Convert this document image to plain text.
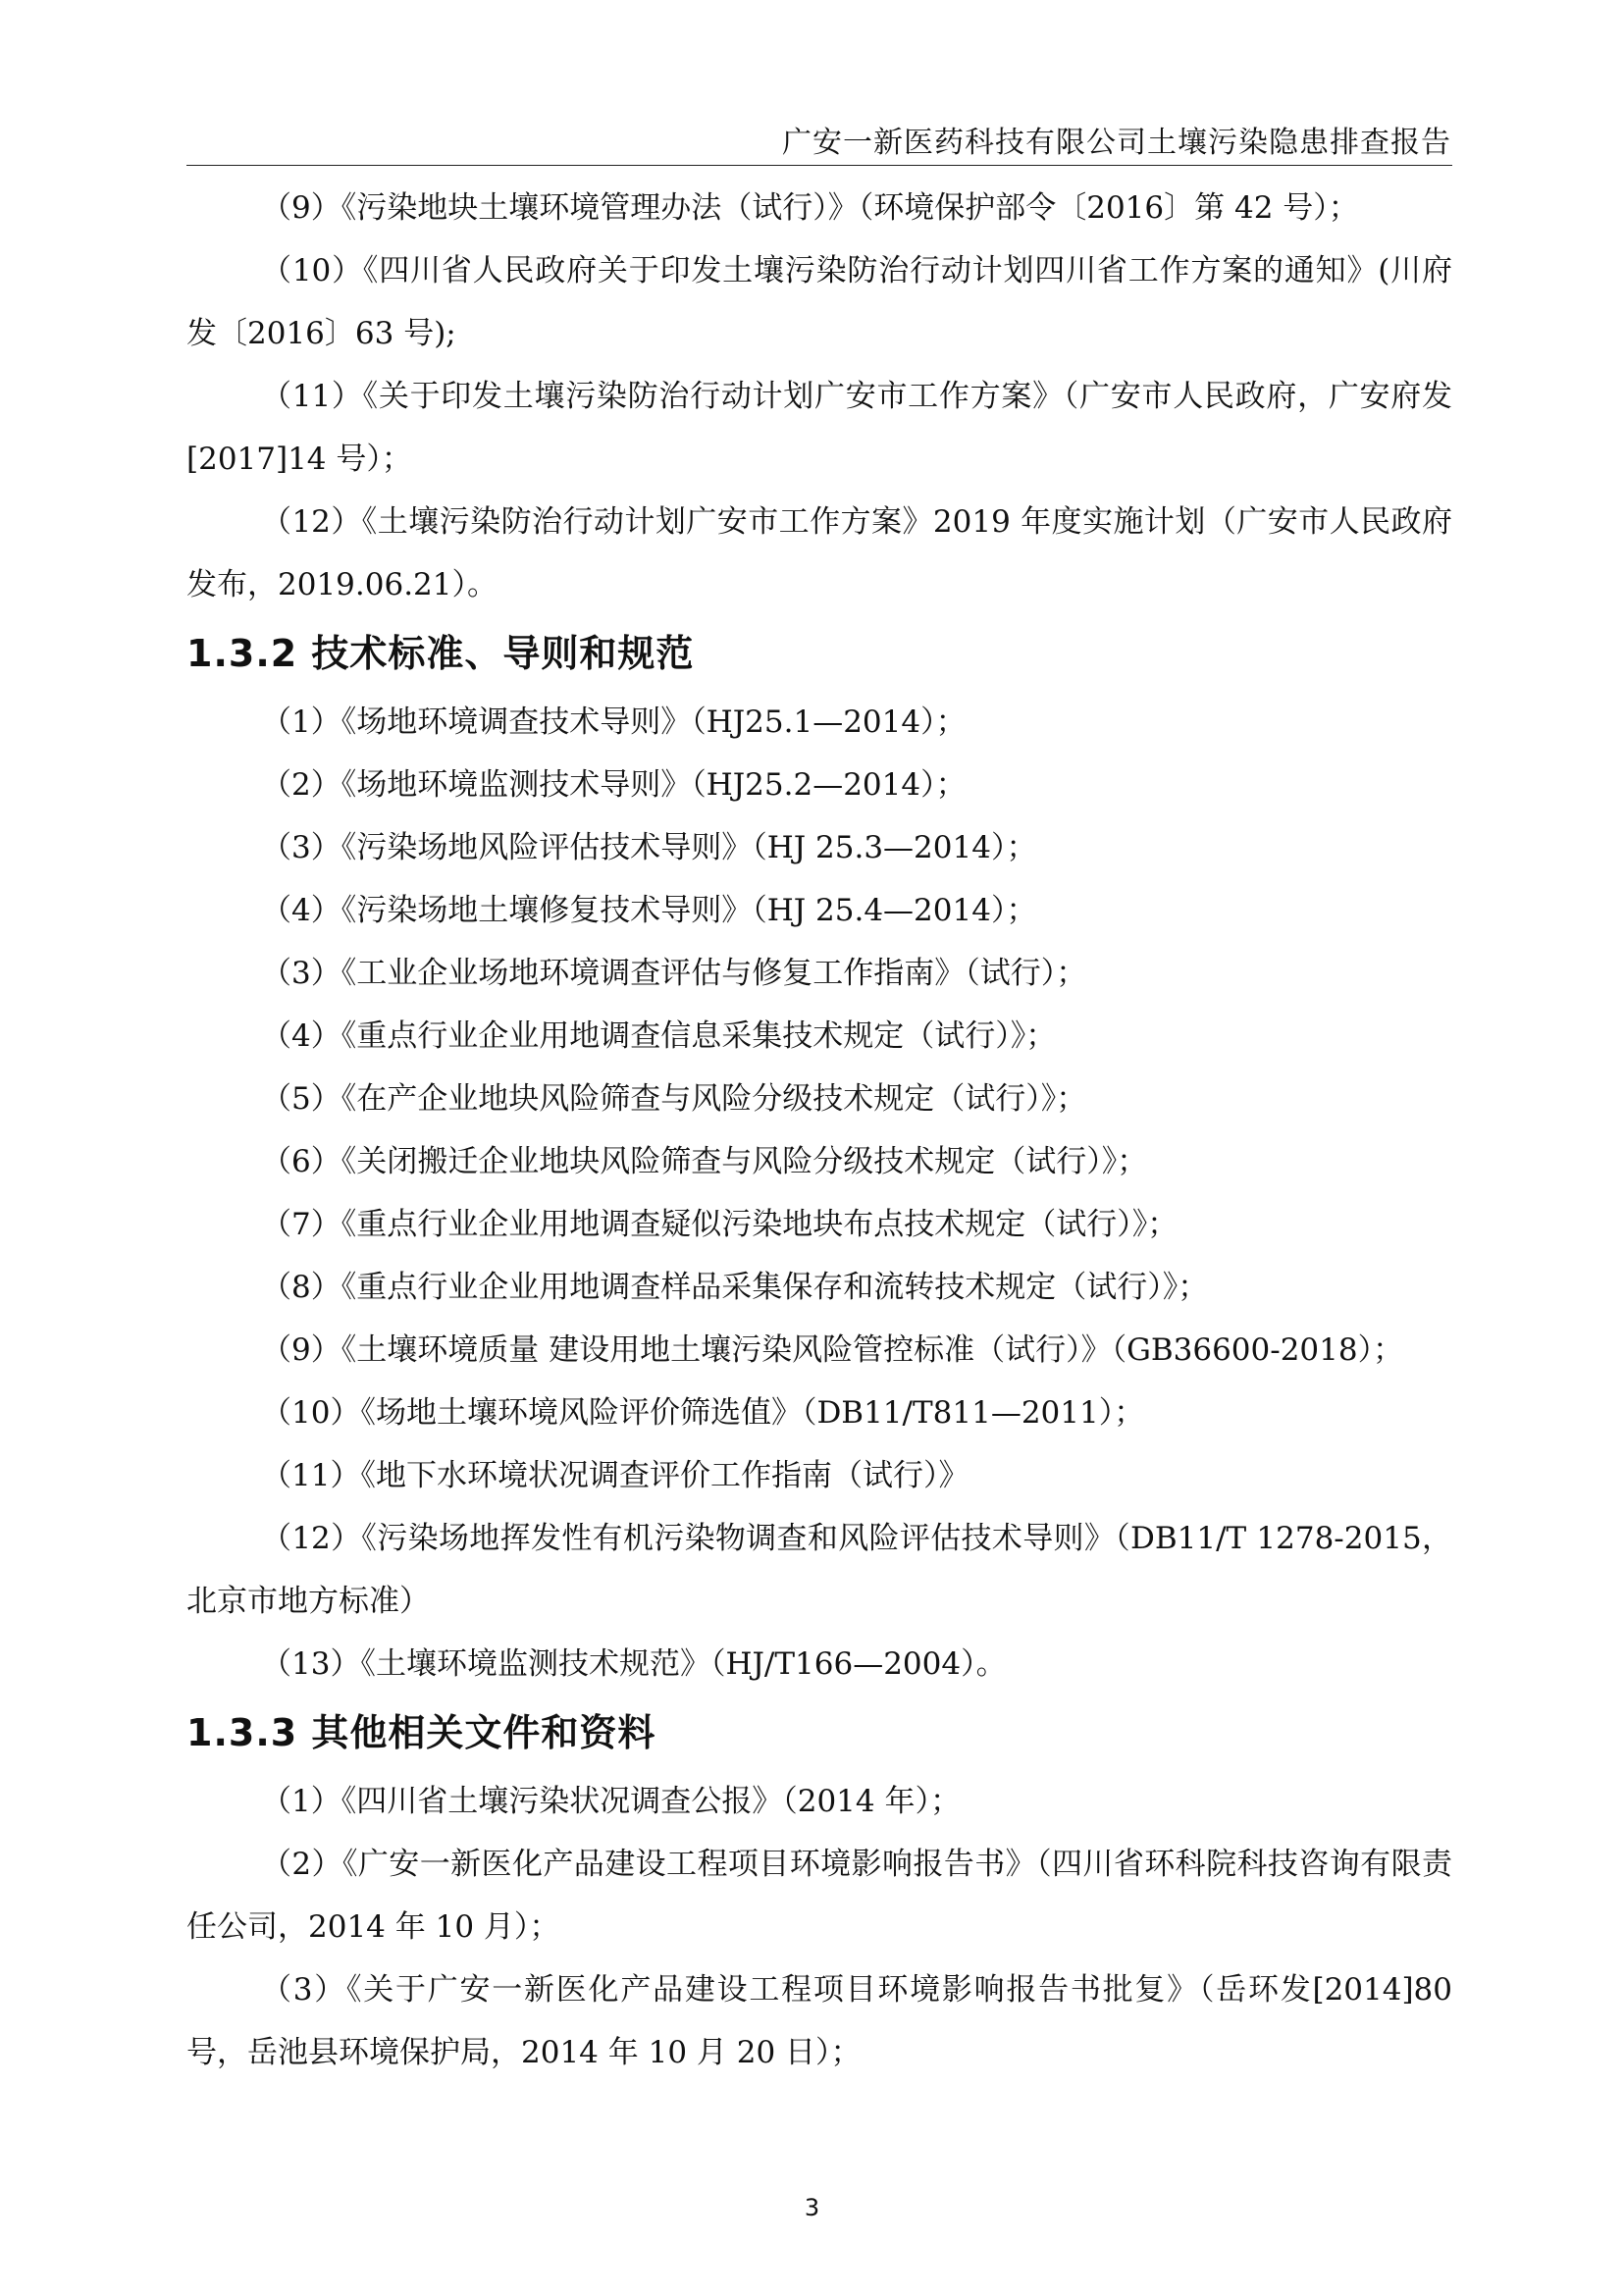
广安一新医药科技有限公司土壤污染隐患排查报告

（9）《污染地块土壤环境管理办法（试行）》（环境保护部令〔2016〕第 42 号）；

（10）《四川省人民政府关于印发土壤污染防治行动计划四川省工作方案的通知》(川府发〔2016〕63 号);

（11）《关于印发土壤污染防治行动计划广安市工作方案》（广安市人民政府，广安府发[2017]14 号）；

（12）《土壤污染防治行动计划广安市工作方案》2019 年度实施计划（广安市人民政府发布，2019.06.21）。

1.3.2 技术标准、导则和规范

（1）《场地环境调查技术导则》（HJ25.1—2014）；

（2）《场地环境监测技术导则》（HJ25.2—2014）；

（3）《污染场地风险评估技术导则》（HJ 25.3—2014）；

（4）《污染场地土壤修复技术导则》（HJ 25.4—2014）；

（3）《工业企业场地环境调查评估与修复工作指南》（试行）；

（4）《重点行业企业用地调查信息采集技术规定（试行）》；

（5）《在产企业地块风险筛查与风险分级技术规定（试行）》；

（6）《关闭搬迁企业地块风险筛查与风险分级技术规定（试行）》；

（7）《重点行业企业用地调查疑似污染地块布点技术规定（试行）》；

（8）《重点行业企业用地调查样品采集保存和流转技术规定（试行）》；

（9）《土壤环境质量 建设用地土壤污染风险管控标准（试行）》（GB36600-2018）；

（10）《场地土壤环境风险评价筛选值》（DB11/T811—2011）；

（11）《地下水环境状况调查评价工作指南（试行）》

（12）《污染场地挥发性有机污染物调查和风险评估技术导则》（DB11/T 1278-2015，北京市地方标准）

（13）《土壤环境监测技术规范》（HJ/T166—2004）。

1.3.3 其他相关文件和资料

（1）《四川省土壤污染状况调查公报》（2014 年）；

（2）《广安一新医化产品建设工程项目环境影响报告书》（四川省环科院科技咨询有限责任公司，2014 年 10 月）；

（3）《关于广安一新医化产品建设工程项目环境影响报告书批复》（岳环发[2014]80 号，岳池县环境保护局，2014 年 10 月 20 日）；

3
